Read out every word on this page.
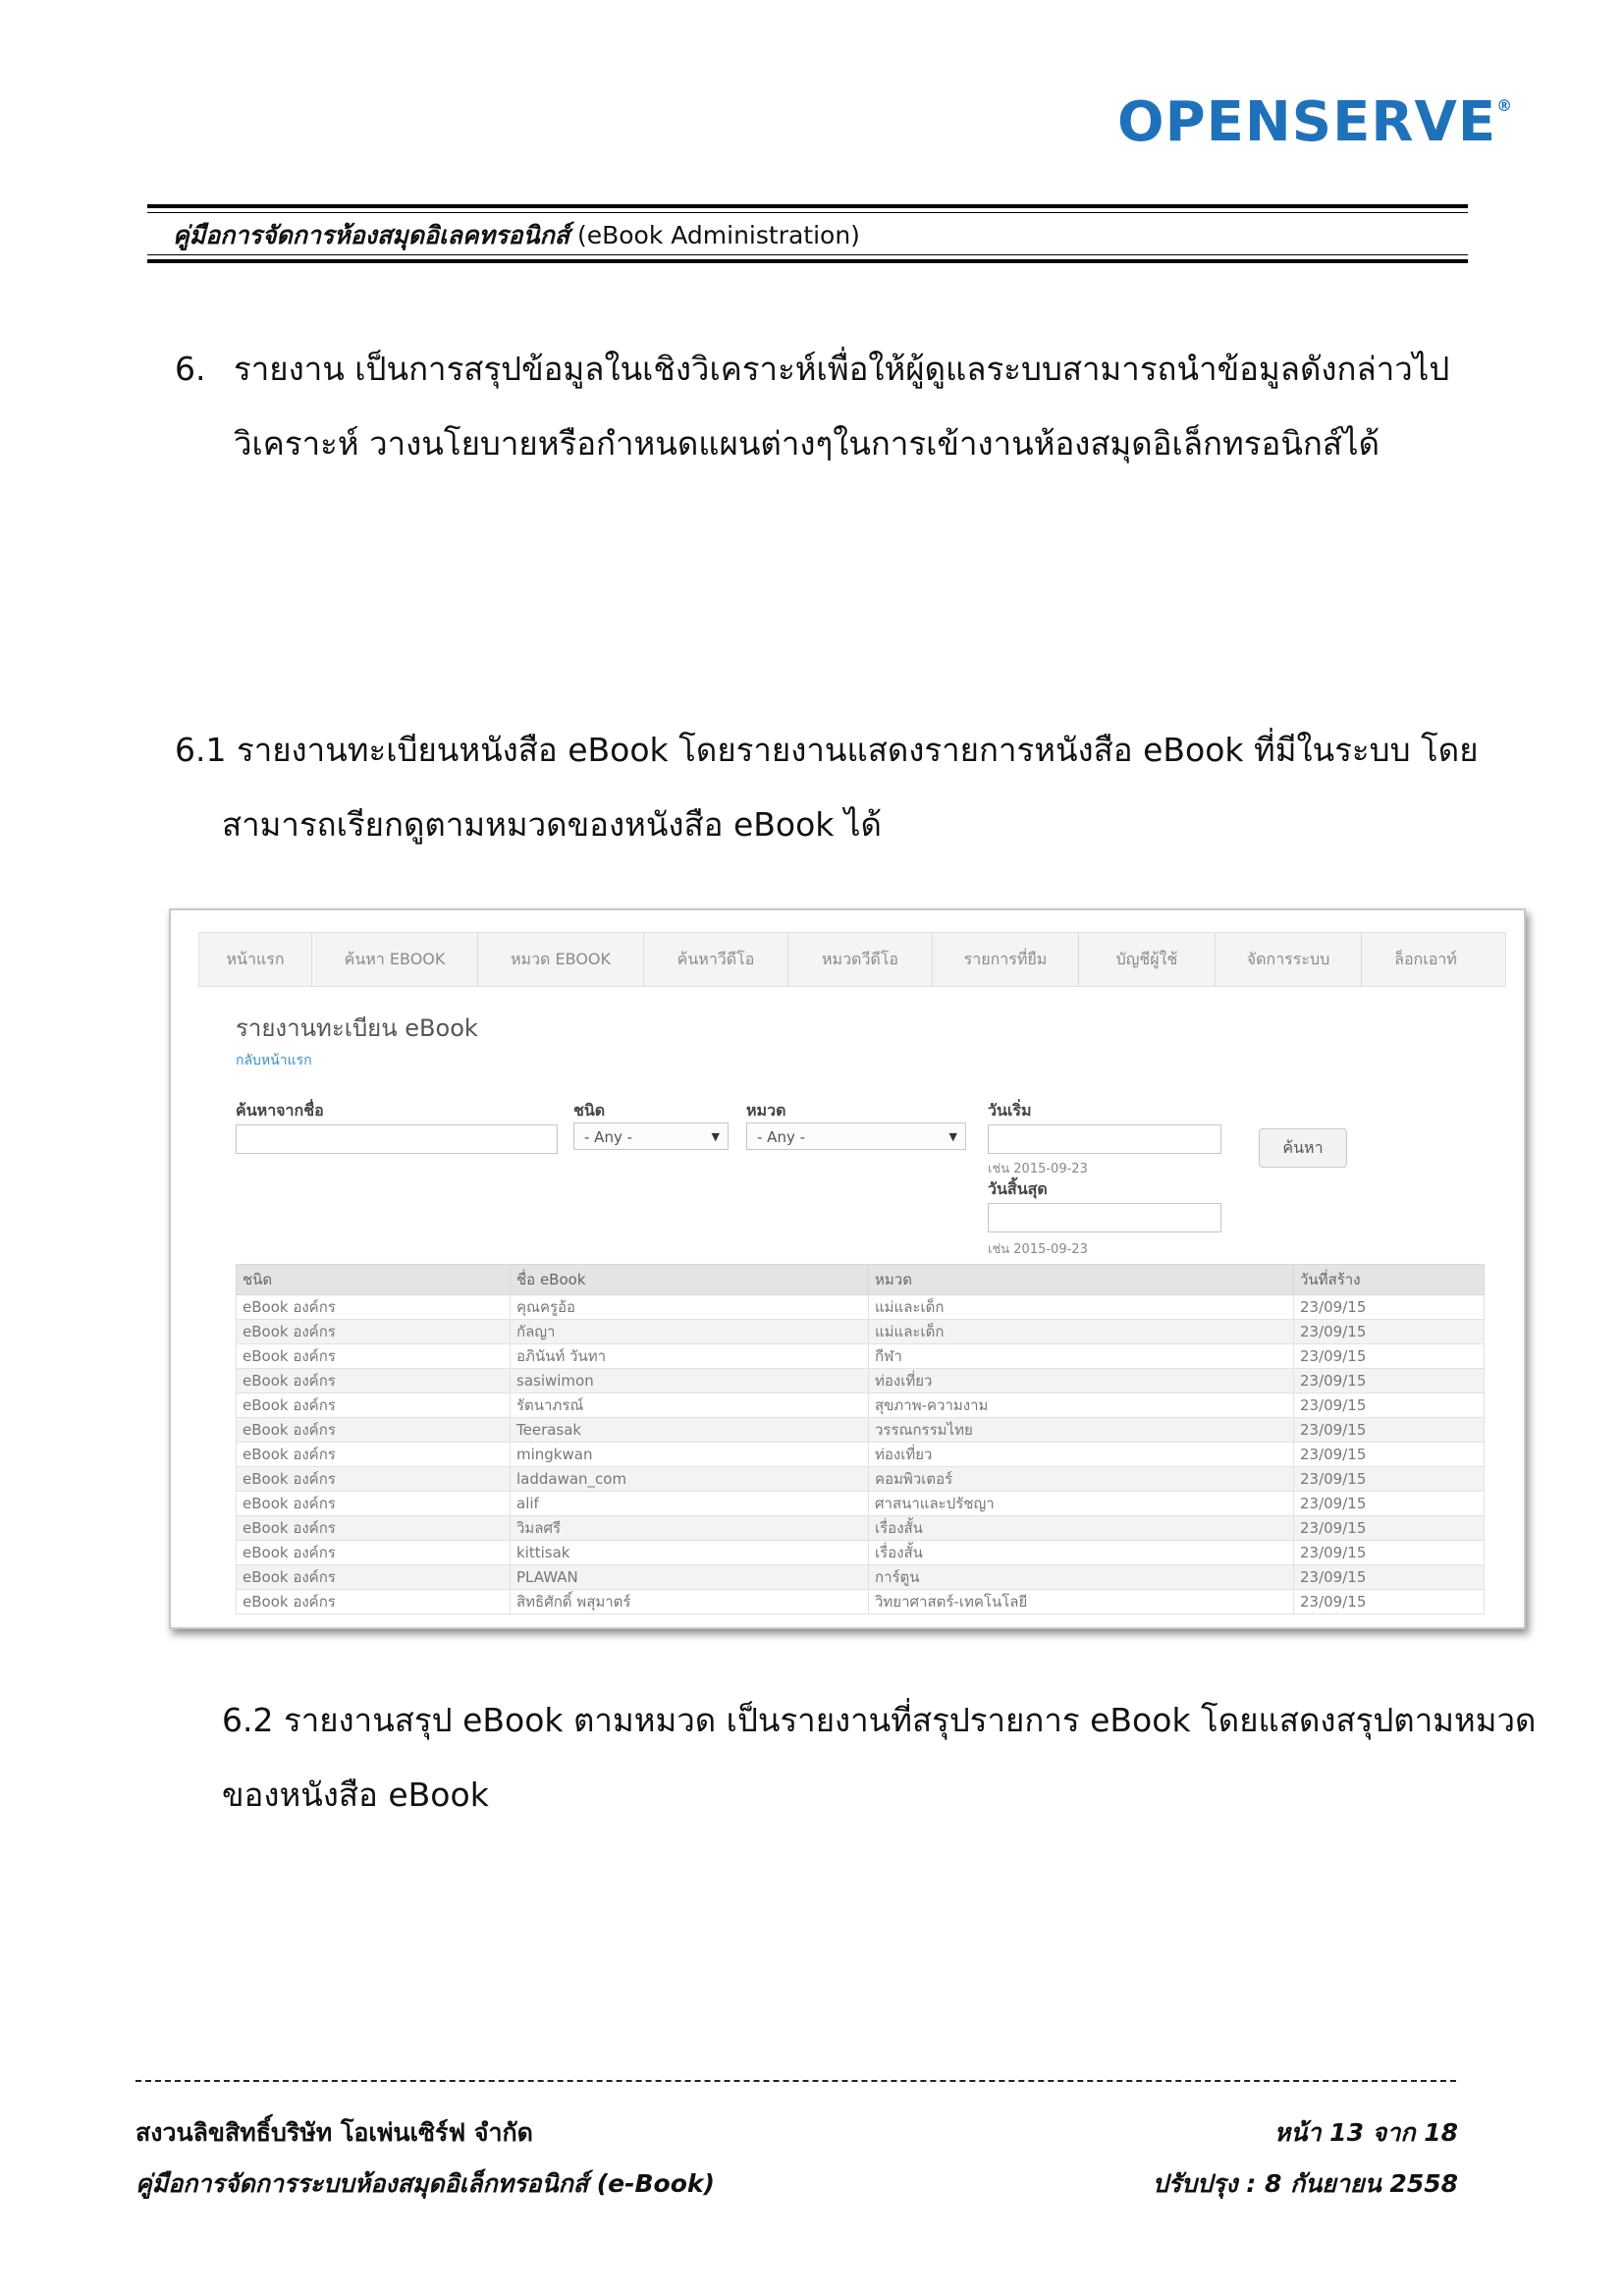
OPENSERVE®
คู่มือการจัดการห้องสมุดอิเลคทรอนิกส์ (eBook Administration)
6. รายงาน เป็นการสรุปข้อมูลในเชิงวิเคราะห์เพื่อให้ผู้ดูแลระบบสามารถนำข้อมูลดังกล่าวไป
วิเคราะห์ วางนโยบายหรือกำหนดแผนต่างๆในการเข้างานห้องสมุดอิเล็กทรอนิกส์ได้
6.1 รายงานทะเบียนหนังสือ eBook โดยรายงานแสดงรายการหนังสือ eBook ที่มีในระบบ โดย
สามารถเรียกดูตามหมวดของหนังสือ eBook ได้
หน้าแรก	ค้นหา EBOOK	หมวด EBOOK	ค้นหาวีดีโอ	หมวดวีดีโอ	รายการที่ยืม	บัญชีผู้ใช้	จัดการระบบ	ล็อกเอาท์
รายงานทะเบียน eBook
กลับหน้าแรก
ค้นหาจากชื่อ	ชนิด
- Any -	▼
หมวด
- Any -	▼
วันเริ่ม
เช่น 2015-09-23
วันสิ้นสุด
เช่น 2015-09-23
ค้นหา
ชนิด	ชื่อ eBook	หมวด	วันที่สร้าง
eBook องค์กร	คุณครูอ้อ	แม่และเด็ก	23/09/15
eBook องค์กร	กัลญา	แม่และเด็ก	23/09/15
eBook องค์กร	อภินันท์ วันทา	กีฬา	23/09/15
eBook องค์กร	sasiwimon	ท่องเที่ยว	23/09/15
eBook องค์กร	รัตนาภรณ์	สุขภาพ-ความงาม	23/09/15
eBook องค์กร	Teerasak	วรรณกรรมไทย	23/09/15
eBook องค์กร	mingkwan	ท่องเที่ยว	23/09/15
eBook องค์กร	laddawan_com	คอมพิวเตอร์	23/09/15
eBook องค์กร	alif	ศาสนาและปรัชญา	23/09/15
eBook องค์กร	วิมลศรี	เรื่องสั้น	23/09/15
eBook องค์กร	kittisak	เรื่องสั้น	23/09/15
eBook องค์กร	PLAWAN	การ์ตูน	23/09/15
eBook องค์กร	สิทธิศักดิ์ พสุมาตร์	วิทยาศาสตร์-เทคโนโลยี	23/09/15
6.2 รายงานสรุป eBook ตามหมวด เป็นรายงานที่สรุปรายการ eBook โดยแสดงสรุปตามหมวด
ของหนังสือ eBook
สงวนลิขสิทธิ์บริษัท โอเพ่นเซิร์ฟ จำกัด
คู่มือการจัดการระบบห้องสมุดอิเล็กทรอนิกส์ (e-Book)
หน้า 13 จาก 18
ปรับปรุง : 8 กันยายน 2558
